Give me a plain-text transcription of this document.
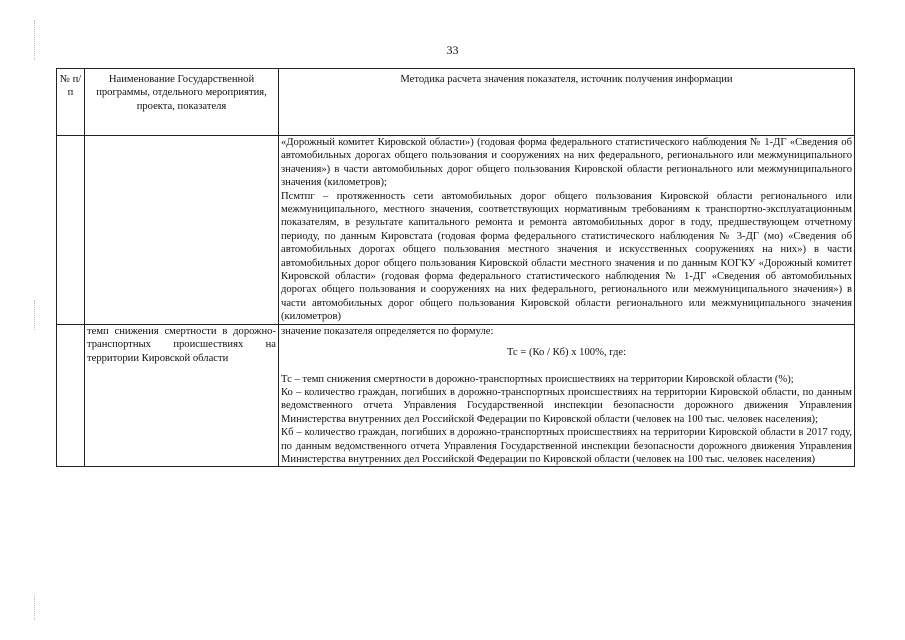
33
№ п/п	Наименование Государственной программы, отдельного мероприятия, проекта, показателя	Методика расчета значения показателя, источник получения информации

		«Дорожный комитет Кировской области») (годовая форма федерального статистического наблюдения № 1-ДГ «Сведения об автомобильных дорогах общего пользования и сооружениях на них федерального, регионального или межмуниципального значения») в части автомобильных дорог общего пользования Кировской области регионального или межмуниципального значения (километров);

Псмтпг – протяженность сети автомобильных дорог общего пользования Кировской области регионального или межмуниципального, местного значения, соответствующих нормативным требованиям к транспортно-эксплуатационным показателям, в результате капитального ремонта и ремонта автомобильных дорог в году, предшествующем отчетному периоду, по данным Кировстата (годовая форма федерального статистического наблюдения № 3-ДГ (мо) «Сведения об автомобильных дорогах общего пользования местного значения и искусственных сооружениях на них») в части автомобильных дорог общего пользования Кировской области местного значения и по данным КОГКУ «Дорожный комитет Кировской области» (годовая форма федерального статистического наблюдения № 1-ДГ «Сведения об автомобильных дорогах общего пользования и сооружениях на них федерального, регионального или межмуниципального значения») в части автомобильных дорог общего пользования Кировской области регионального или межмуниципального значения (километров)

	темп снижения смертности в дорожно-транспортных происшествиях на территории Кировской области	значение показателя определяется по формуле:

Тс = (Ко / Кб) х 100%, где:

Тс – темп снижения смертности в дорожно-транспортных происшествиях на территории Кировской области (%);

Ко – количество граждан, погибших в дорожно-транспортных происшествиях на территории Кировской области, по данным ведомственного отчета Управления Государственной инспекции безопасности дорожного движения Управления Министерства внутренних дел Российской Федерации по Кировской области (человек на 100 тыс. человек населения);

Кб – количество граждан, погибших в дорожно-транспортных происшествиях на территории Кировской области в 2017 году, по данным ведомственного отчета Управления Государственной инспекции безопасности дорожного движения Управления Министерства внутренних дел Российской Федерации по Кировской области (человек на 100 тыс. человек населения)
